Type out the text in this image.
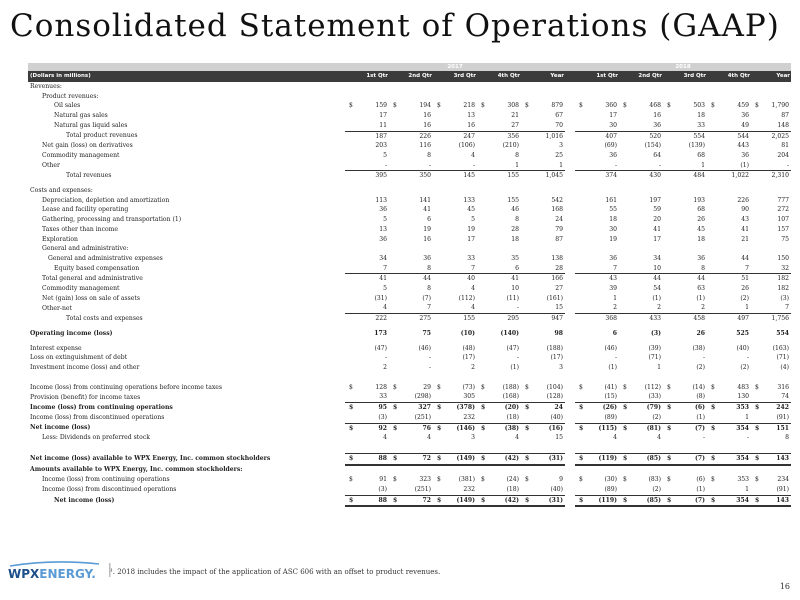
Consolidated Statement of Operations (GAAP)
	2017						2018				
(Dollars in millions)	1st Qtr	2nd Qtr	3rd Qtr	4th Qtr	Year		1st Qtr	2nd Qtr	3rd Qtr	4th Qtr	Year
Revenues:											
Product revenues:											
Oil sales	$ 159	$ 194	$ 218	$ 308	$ 879		$ 360	$ 468	$ 503	$ 459	$ 1,790
Natural gas sales	17	16	13	21	67		17	16	18	36	87
Natural gas liquid sales	11	16	16	27	70		30	36	33	49	148
Total product revenues	187	226	247	356	1,016		407	520	554	544	2,025
Net gain (loss) on derivatives	203	116	(106)	(210)	3		(69)	(154)	(139)	443	81
Commodity management	5	8	4	8	25		36	64	68	36	204
Other	-	-	-	1	1		-	-	1	(1)	-
Total revenues	395	350	145	155	1,045		374	430	484	1,022	2,310

Costs and expenses:											
Depreciation, depletion and amortization	113	141	133	155	542		161	197	193	226	777
Lease and facility operating	36	41	45	46	168		55	59	68	90	272
Gathering, processing and transportation (1)	5	6	5	8	24		18	20	26	43	107
Taxes other than income	13	19	19	28	79		30	41	45	41	157
Exploration	36	16	17	18	87		19	17	18	21	75
General and administrative:											
General and administrative expenses	34	36	33	35	138		36	34	36	44	150
Equity based compensation	7	8	7	6	28		7	10	8	7	32
Total general and administrative	41	44	40	41	166		43	44	44	51	182
Commodity management	5	8	4	10	27		39	54	63	26	182
Net (gain) loss on sale of assets	(31)	(7)	(112)	(11)	(161)		1	(1)	(1)	(2)	(3)
Other-net	4	7	4	-	15		2	2	2	1	7
Total costs and expenses	222	275	155	295	947		368	433	458	497	1,756

Operating income (loss)	173	75	(10)	(140)	98		6	(3)	26	525	554

Interest expense	(47)	(46)	(48)	(47)	(188)		(46)	(39)	(38)	(40)	(163)
Loss on extinguishment of debt	-	-	(17)	-	(17)		-	(71)	-	-	(71)
Investment income (loss) and other	2	-	2	(1)	3		(1)	1	(2)	(2)	(4)

Income (loss) from continuing operations before income taxes	$ 128	$ 29	$ (73)	$ (188)	$ (104)		$ (41)	$ (112)	$ (14)	$ 483	$ 316
Provision (benefit) for income taxes	33	(298)	305	(168)	(128)		(15)	(33)	(8)	130	74
Income (loss) from continuing operations	$ 95	$ 327	$ (378)	$ (20)	$ 24		$ (26)	$ (79)	$ (6)	$ 353	$ 242
Income (loss) from discontinued operations	(3)	(251)	232	(18)	(40)		(89)	(2)	(1)	1	(91)
Net income (loss)	$ 92	$ 76	$ (146)	$ (38)	$ (16)		$ (115)	$ (81)	$ (7)	$ 354	$ 151
Less: Dividends on preferred stock	4	4	3	4	15		4	4	-	-	8

Net income (loss) available to WPX Energy, Inc. common stockholders	$ 88	$ 72	$ (149)	$ (42)	$ (31)		$ (119)	$ (85)	$ (7)	$ 354	$ 143
Amounts available to WPX Energy, Inc. common stockholders:											
Income (loss) from continuing operations	$ 91	$ 323	$ (381)	$ (24)	$ 9		$ (30)	$ (83)	$ (6)	$ 353	$ 234
Income (loss) from discontinued operations	(3)	(251)	232	(18)	(40)		(89)	(2)	(1)	1	(91)
Net income (loss)	$ 88	$ 72	$ (149)	$ (42)	$ (31)		$ (119)	$ (85)	$ (7)	$ 354	$ 143
WPXENERGY. ¹. 2018 includes the impact of the application of ASC 606 with an offset to product revenues.
16
